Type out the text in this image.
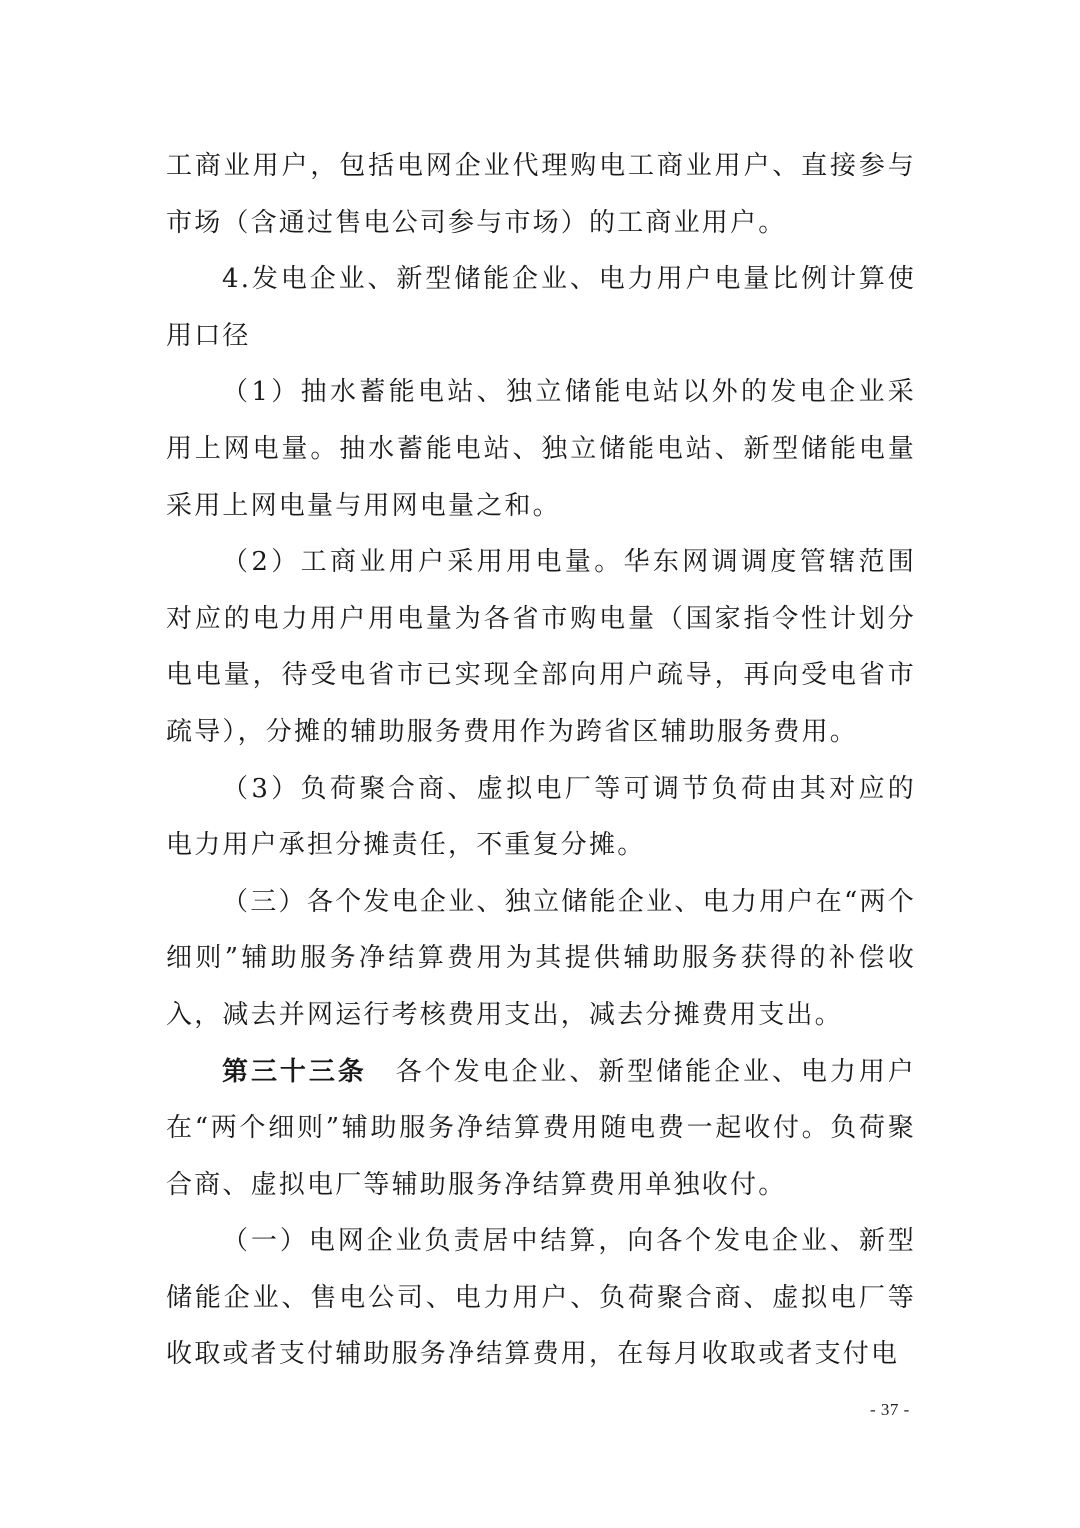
工商业用户，包括电网企业代理购电工商业用户、直接参与市场（含通过售电公司参与市场）的工商业用户。

4.发电企业、新型储能企业、电力用户电量比例计算使用口径

（1）抽水蓄能电站、独立储能电站以外的发电企业采用上网电量。抽水蓄能电站、独立储能电站、新型储能电量采用上网电量与用网电量之和。

（2）工商业用户采用用电量。华东网调调度管辖范围对应的电力用户用电量为各省市购电量（国家指令性计划分电电量，待受电省市已实现全部向用户疏导，再向受电省市疏导），分摊的辅助服务费用作为跨省区辅助服务费用。

（3）负荷聚合商、虚拟电厂等可调节负荷由其对应的电力用户承担分摊责任，不重复分摊。

（三）各个发电企业、独立储能企业、电力用户在“两个细则”辅助服务净结算费用为其提供辅助服务获得的补偿收入，减去并网运行考核费用支出，减去分摊费用支出。

第三十三条　 各个发电企业、新型储能企业、电力用户在“两个细则”辅助服务净结算费用随电费一起收付。负荷聚合商、虚拟电厂等辅助服务净结算费用单独收付。

（一）电网企业负责居中结算，向各个发电企业、新型储能企业、售电公司、电力用户、负荷聚合商、虚拟电厂等收取或者支付辅助服务净结算费用，在每月收取或者支付电

- 37 -
